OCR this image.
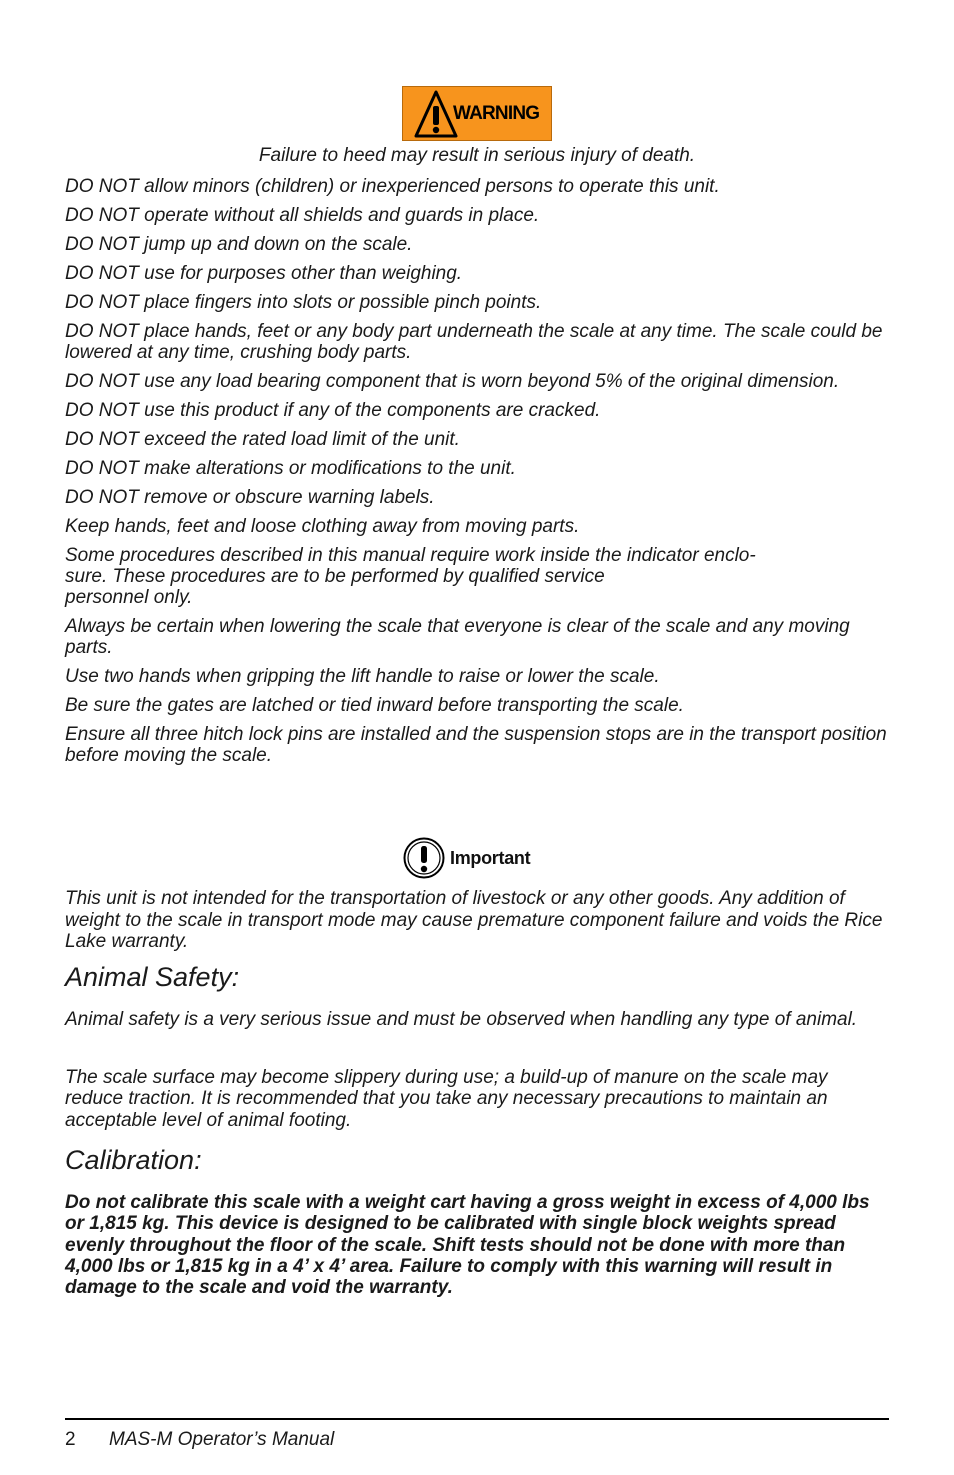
WARNING
Failure to heed may result in serious injury of death.

DO NOT allow minors (children) or inexperienced persons to operate this unit.

DO NOT operate without all shields and guards in place.

DO NOT jump up and down on the scale.

DO NOT use for purposes other than weighing.

DO NOT place fingers into slots or possible pinch points.

DO NOT place hands, feet or any body part underneath the scale at any time. The scale could be lowered at any time, crushing body parts.

DO NOT use any load bearing component that is worn beyond 5% of the original dimension.

DO NOT use this product if any of the components are cracked.

DO NOT exceed the rated load limit of the unit.

DO NOT make alterations or modifications to the unit.

DO NOT remove or obscure warning labels.

Keep hands, feet and loose clothing away from moving parts.

Some procedures described in this manual require work inside the indicator enclo-
sure. These procedures are to be performed by qualified service
personnel only.

Always be certain when lowering the scale that everyone is clear of the scale and any moving parts.

Use two hands when gripping the lift handle to raise or lower the scale.

Be sure the gates are latched or tied inward before transporting the scale.

Ensure all three hitch lock pins are installed and the suspension stops are in the transport position before moving the scale.

Important

This unit is not intended for the transportation of livestock or any other goods. Any addition of weight to the scale in transport mode may cause premature component failure and voids the Rice Lake warranty.

Animal Safety:

Animal safety is a very serious issue and must be observed when handling any type of animal.

The scale surface may become slippery during use; a build-up of manure on the scale may reduce traction. It is recommended that you take any necessary precautions to maintain an acceptable level of animal footing.

Calibration:

Do not calibrate this scale with a weight cart having a gross weight in excess of 4,000 lbs or 1,815 kg. This device is designed to be calibrated with single block weights spread evenly throughout the floor of the scale. Shift tests should not be done with more than 4,000 lbs or 1,815 kg in a 4’ x 4’ area. Failure to comply with this warning will result in damage to the scale and void the warranty.

2 MAS-M Operator’s Manual
